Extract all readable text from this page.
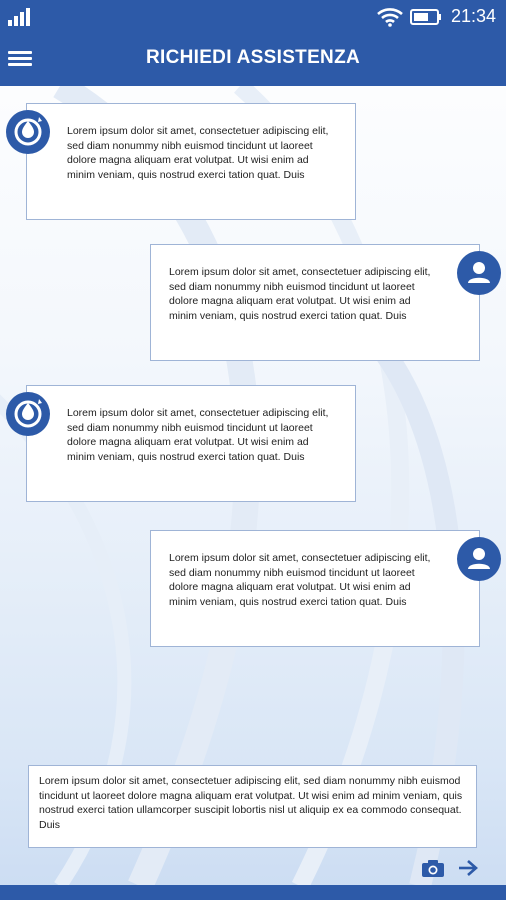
21:34
RICHIEDI ASSISTENZA
Lorem ipsum dolor sit amet, consectetuer adipiscing elit, sed diam nonummy nibh euismod tincidunt ut laoreet dolore magna aliquam erat volutpat. Ut wisi enim ad minim veniam, quis nostrud exerci tation quat. Duis
Lorem ipsum dolor sit amet, consectetuer adipiscing elit, sed diam nonummy nibh euismod tincidunt ut laoreet dolore magna aliquam erat volutpat. Ut wisi enim ad minim veniam, quis nostrud exerci tation quat. Duis
Lorem ipsum dolor sit amet, consectetuer adipiscing elit, sed diam nonummy nibh euismod tincidunt ut laoreet dolore magna aliquam erat volutpat. Ut wisi enim ad minim veniam, quis nostrud exerci tation quat. Duis
Lorem ipsum dolor sit amet, consectetuer adipiscing elit, sed diam nonummy nibh euismod tincidunt ut laoreet dolore magna aliquam erat volutpat. Ut wisi enim ad minim veniam, quis nostrud exerci tation quat. Duis
Lorem ipsum dolor sit amet, consectetuer adipiscing elit, sed diam nonummy nibh euismod tincidunt ut laoreet dolore magna aliquam erat volutpat. Ut wisi enim ad minim veniam, quis nostrud exerci tation ullamcorper suscipit lobortis nisl ut aliquip ex ea commodo consequat. Duis
